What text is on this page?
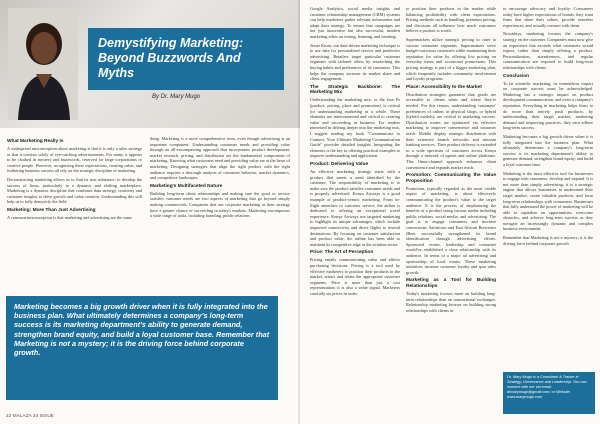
Demystifying Marketing: Beyond Buzzwords And Myths
By Dr. Mary Mugo
What Marketing Really Is

A widespread misconception about marketing is that it is only a sales strategy or that it consists solely of eye-catching advertisements. For many, it appears to be cloaked in mystery and buzzwords, reserved for large corporations or creative people. However, recognizing these expectations, creating value, and furthering business success all rely on the strategic discipline of marketing.

Deconstructing marketing allows us to find its true substance: to develop the success of firms, particularly in a dynamic and shifting marketplace. Marketing is a dynamic discipline that combines data strategy, creativity and customer insights to drive growth and value creation. Understanding this will help us to fully demystify the field.

Marketing: More Than Just Advertising

A common misconception is that marketing and advertising are the same

thing. Marketing is a more comprehensive term, even though advertising is an important component. Understanding consumer needs and providing value through an all-encompassing approach that incorporates product development, market research, pricing, and distribution are the fundamental components of marketing. Knowing what customers need and providing value are at the heart of marketing. Designing strategies that align the right product with the right audience requires a thorough analysis of consumer behavior, market dynamics, and competitive landscapes.

Marketing's Multifaceted Nature

Building long-term client relationships and making sure the good or service satisfies customer needs are two aspects of marketing that go beyond simply making commercials. Companies that use corporate marketing as their strategy have a greater chance of succeeding in today's markets. Marketing encompasses a wide range of tasks, including branding, public relations

Marketing becomes a big growth driver when it is fully integrated into the business plan. What ultimately determines a company's long-term success is its marketing department's ability to generate demand, strengthen brand equity, and build a loyal customer base. Remember that Marketing is not a mystery; it is the driving force behind corporate growth.
22 MALAZA 24 ISSUE

Google Analytics, social media insights and customer relationship management (CRM) systems can help marketers gather relevant information and adapt their strategy. To ensure that campaigns are not just innovative but also successful, modern marketing relies on testing, learning, and iterating.

Jessie Kiuru, our data-driven marketing technique is to use data for personalized service and predictive advertising. Retailers target particular customer segments with tailored offers by researching the buying habits and preferences of its customers. This helps the company increase its market share and client engagement.

The Strategic Backbone: The Marketing Mix

Understanding the marketing mix, or the four Ps (product, pricing, place and promotion), is critical for understanding marketing as a whole. These elements are interconnected and critical to creating value and succeeding in business. For readers interested in delving deeper into the marketing mix, I suggest reading my book "Communicate to Connect, Your Ultimate Marketing Communication Guide" provides detailed insights. Integrating the elements is the key to offering practical examples to improve understanding and application.

Product: Delivering Value

An effective marketing strategy starts with a product that meets a need identified by the customer. The responsibility of marketing is to make sure the product satisfies consumer needs and is properly advertised. Kenya Airways is a good example of product-centric marketing. From in-flight amenities to customer service, the airline is dedicated to offering an exceptional travel experience. Kenya Airways use targeted marketing to highlight its unique advantages, which include improved connectivity and direct flights to several destinations. By focusing on customer satisfaction and product value, the airline has been able to maintain its competitive edge in the aviation sector.

Price: The Art of Perception

Pricing entails communicating value and affects purchasing decisions. Pricing is a tool used by effective marketers to position their products in the market, attract and retain the appropriate customer segments. Price is more than just a cost representation; it is also a value signal. Marketers carefully set prices in order

to position their products in the market while balancing profitability with client expectations. Pricing methods such as bundling, premium pricing, and discounts all influence how much customers believe a product is worth.

Supermarkets utilize strategic pricing to cater to various consumer segments. Supermarkets serve budget-conscious customers while maintaining their reputation for value by offering low pricing on everyday items and occasional promotions. This pricing strategy is part of a bigger marketing plan, which frequently includes community involvement and loyalty programs.

Place: Accessibility to the Market

Distribution strategies guarantee that goods are accessible to clients when and where they're needed. For this reason, understanding customers' preferences of online, in physical shops, or hybrid (hybrid models), are critical to marketing success. Distribution routes are optimized via effective marketing to improve convenience and customer reach. Mobile display strategic distribution with their extensive branch networks and mission banking services. Their product delivery is extended to a wide spectrum of customers across Kenya through a network of agents and online platforms. This Omni-channel approach enhances client convenience and expands market reach.

Promotion: Communicating the Value Proposition

Promotion, typically regarded as the most visible aspect of marketing, is about effectively communicating the product's value to the target audience. It is the process of emphasizing the benefits of a product using various media including public relations, social media, and advertising. The goal is to engage consumers and increase conversions. Safaricom and East African Breweries (Beer successfully strengthened its brand identification through advertising efforts. Sponsored events, leadership and consumer would've established a close relationship with its audience. In terms of a major ad advertising and sponsorship of local events. These marketing initiatives increase customer loyalty and spur sales growth.

Marketing as a Tool for Building Relationships

Today's marketing focuses more on building long-term relationships than on transactional exchanges. Relationship marketing focuses on building strong relationships with clients in

to encourage advocacy and loyalty. Consumers today have higher expectations of brands; they want firms that share their values, provide seamless experiences, and actually connect with them.

Nowadays, marketing focuses the company's strategy on the customer. Companies must now give an experience that exceeds what customers would expect, rather than simply offering a product. Personalization, attentiveness, and regular communication are required to build long-term relationships with clients.

Conclusion

To be scientific marketing, its tremendous impact on corporate success must be acknowledged. Marketing has a strategic impact on product development communication, and even a company's reputation. Everything in marketing helps firms to do more than merely push products; by understanding their target market, marketing demand and improving practices, they earn adhere long-term success.

Marketing becomes a big growth driver when it is fully integrated into the business plan. What ultimately determines a company's long-term success is its marketing department's ability to generate demand, strengthen brand equity, and build a loyal customer base.

Marketing is the most effective tool for businesses to engage with customers, develop and expand. It is not more than simply advertising; it is a strategic engine that allows businesses to understand their target market, create valuable products, and form long-term relationships with consumers. Businesses that fully understand the power of marketing will be able to capitalize on opportunities, overcome obstacles, and achieve long-term success as they navigate an increasingly dynamic and complex business environment.

Remember that Marketing is not a mystery; it is the driving force behind corporate growth.

Dr. Mary Mugo is a Consultant & Trainer in Strategy, Governance and Leadership. You can connect with her via email: drmarymugo@gmail.com; or Website: www.marymugo.com
